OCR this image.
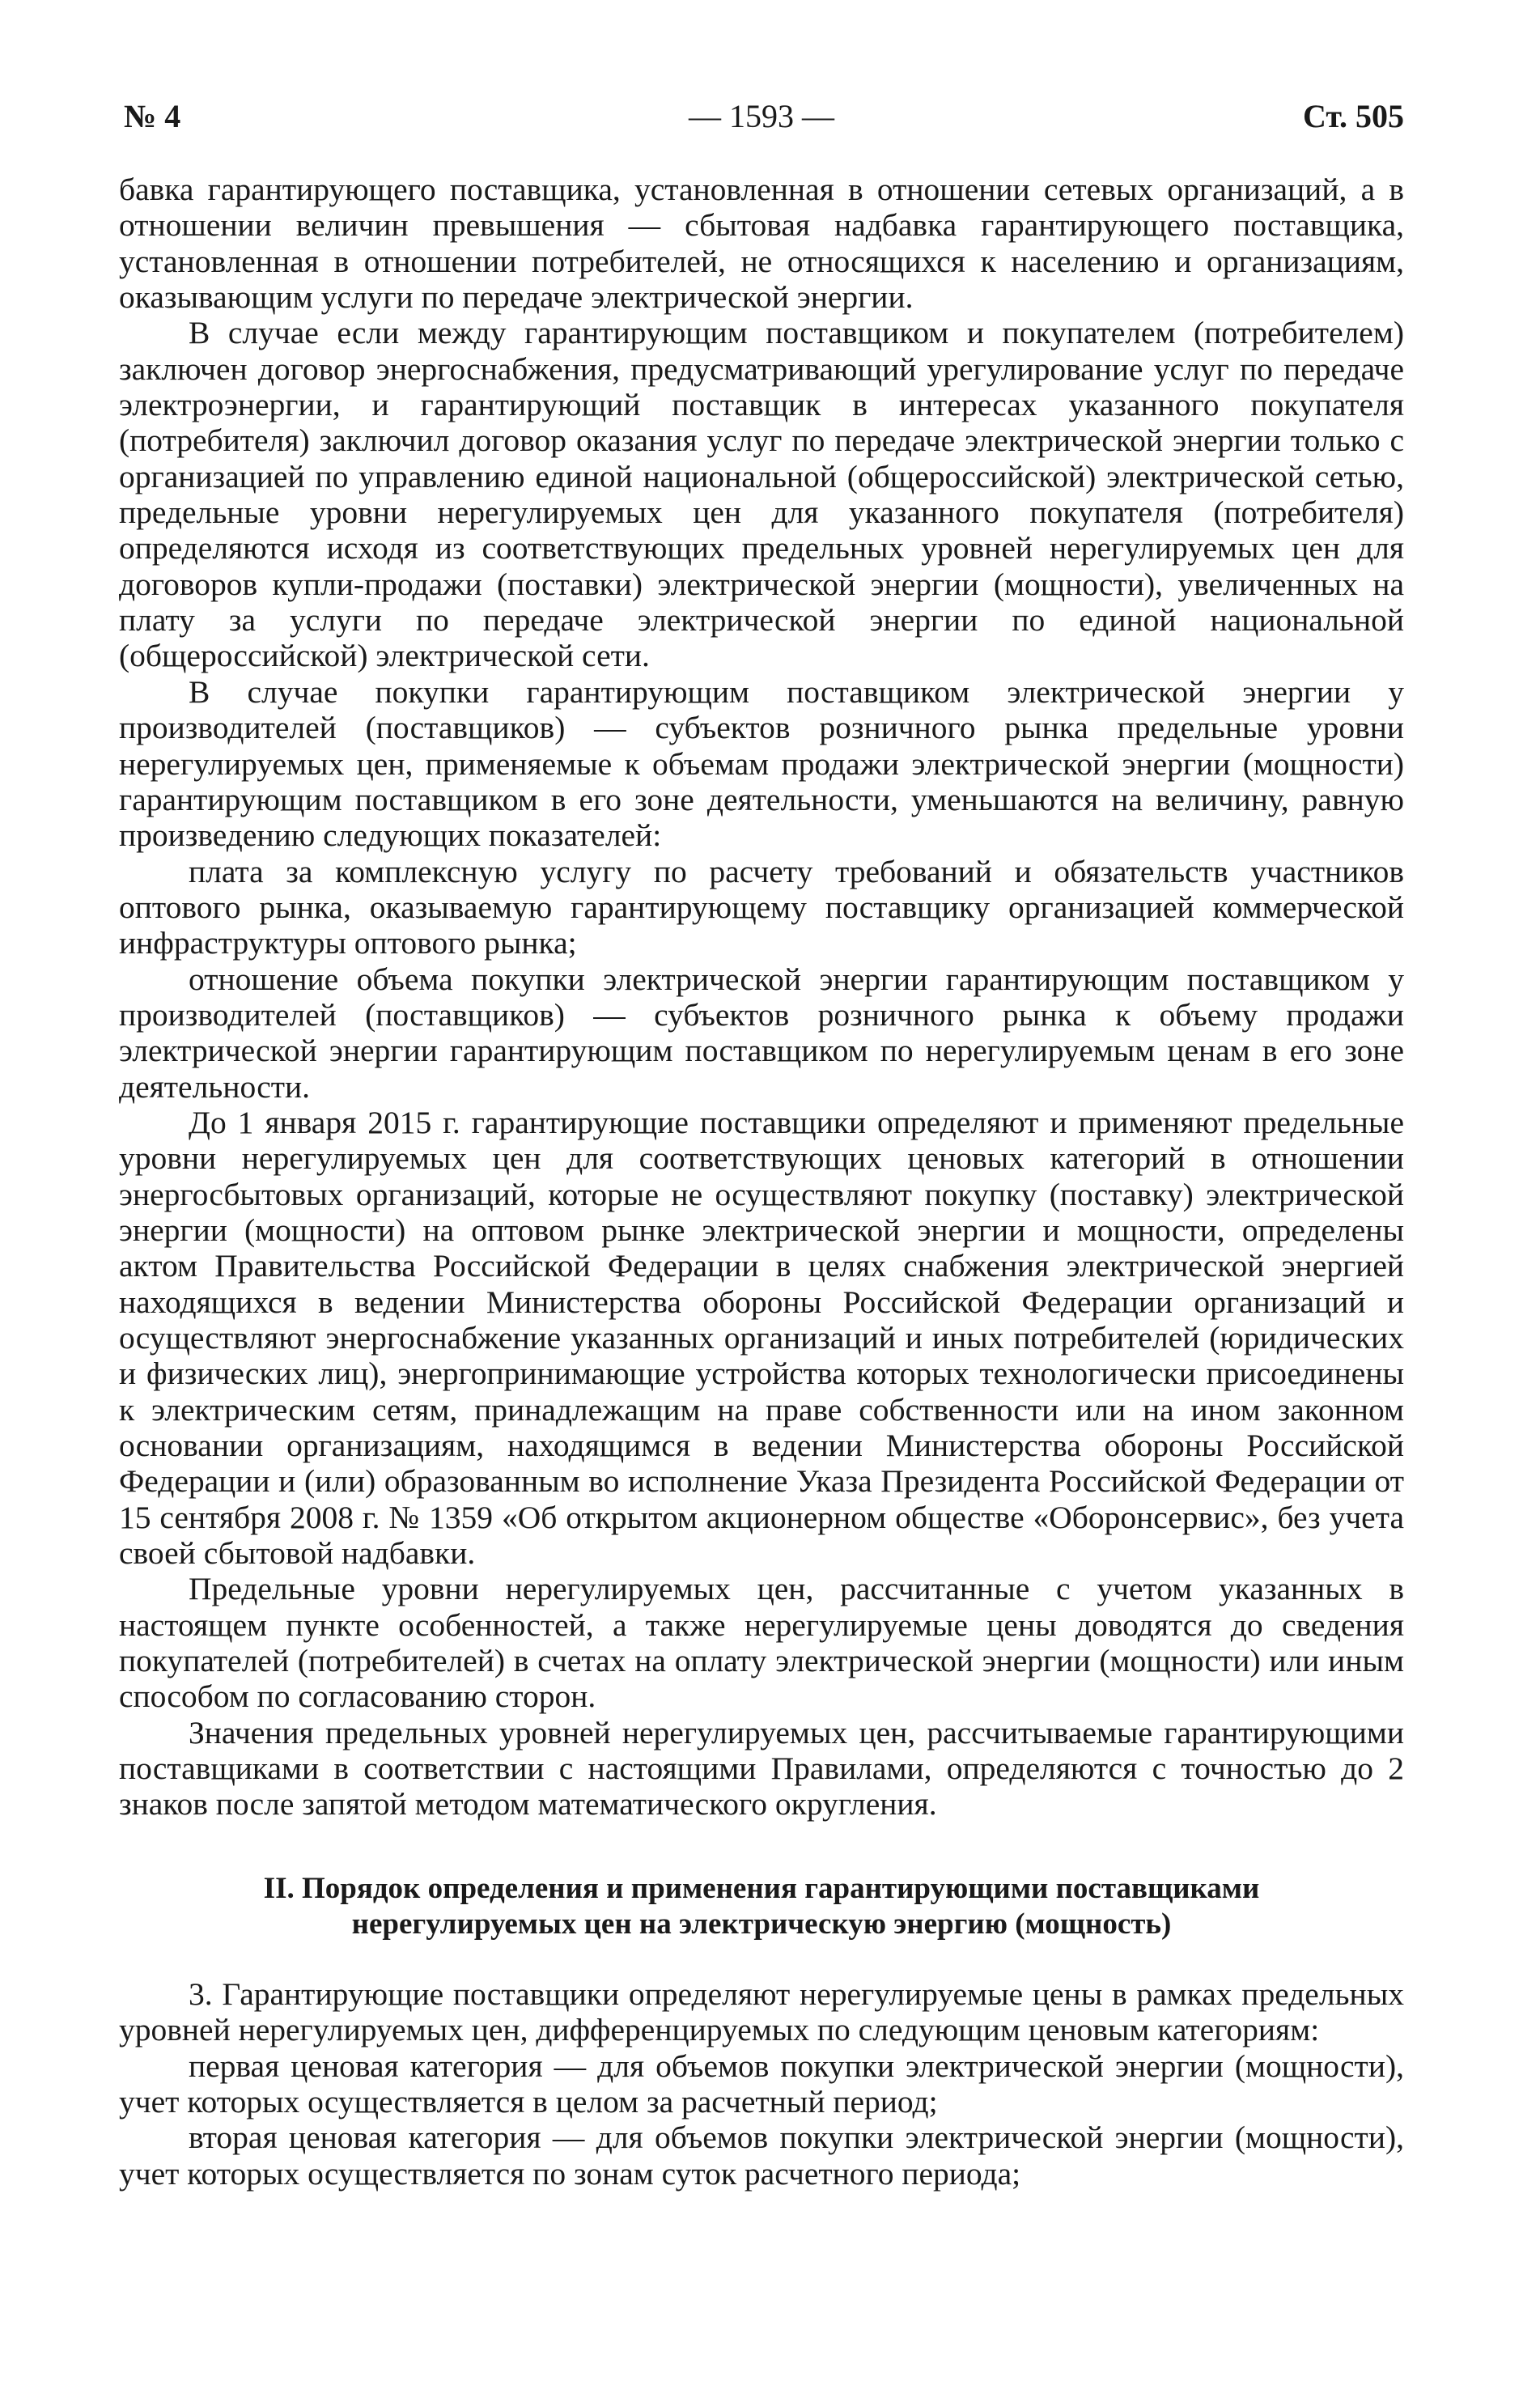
№ 4	— 1593 —	Ст. 505

бавка гарантирующего поставщика, установленная в отношении сетевых организаций, а в отношении величин превышения — сбытовая надбавка гарантирующего поставщика, установленная в отношении потребителей, не относящихся к населению и организациям, оказывающим услуги по передаче электрической энергии.

В случае если между гарантирующим поставщиком и покупателем (потребителем) заключен договор энергоснабжения, предусматривающий урегулирование услуг по передаче электроэнергии, и гарантирующий поставщик в интересах указанного покупателя (потребителя) заключил договор оказания услуг по передаче электрической энергии только с организацией по управлению единой национальной (общероссийской) электрической сетью, предельные уровни нерегулируемых цен для указанного покупателя (потребителя) определяются исходя из соответствующих предельных уровней нерегулируемых цен для договоров купли-продажи (поставки) электрической энергии (мощности), увеличенных на плату за услуги по передаче электрической энергии по единой национальной (общероссийской) электрической сети.

В случае покупки гарантирующим поставщиком электрической энергии у производителей (поставщиков) — субъектов розничного рынка предельные уровни нерегулируемых цен, применяемые к объемам продажи электрической энергии (мощности) гарантирующим поставщиком в его зоне деятельности, уменьшаются на величину, равную произведению следующих показателей:

плата за комплексную услугу по расчету требований и обязательств участников оптового рынка, оказываемую гарантирующему поставщику организацией коммерческой инфраструктуры оптового рынка;

отношение объема покупки электрической энергии гарантирующим поставщиком у производителей (поставщиков) — субъектов розничного рынка к объему продажи электрической энергии гарантирующим поставщиком по нерегулируемым ценам в его зоне деятельности.

До 1 января 2015 г. гарантирующие поставщики определяют и применяют предельные уровни нерегулируемых цен для соответствующих ценовых категорий в отношении энергосбытовых организаций, которые не осуществляют покупку (поставку) электрической энергии (мощности) на оптовом рынке электрической энергии и мощности, определены актом Правительства Российской Федерации в целях снабжения электрической энергией находящихся в ведении Министерства обороны Российской Федерации организаций и осуществляют энергоснабжение указанных организаций и иных потребителей (юридических и физических лиц), энергопринимающие устройства которых технологически присоединены к электрическим сетям, принадлежащим на праве собственности или на ином законном основании организациям, находящимся в ведении Министерства обороны Российской Федерации и (или) образованным во исполнение Указа Президента Российской Федерации от 15 сентября 2008 г. № 1359 «Об открытом акционерном обществе «Оборонсервис», без учета своей сбытовой надбавки.

Предельные уровни нерегулируемых цен, рассчитанные с учетом указанных в настоящем пункте особенностей, а также нерегулируемые цены доводятся до сведения покупателей (потребителей) в счетах на оплату электрической энергии (мощности) или иным способом по согласованию сторон.

Значения предельных уровней нерегулируемых цен, рассчитываемые гарантирующими поставщиками в соответствии с настоящими Правилами, определяются с точностью до 2 знаков после запятой методом математического округления.

II. Порядок определения и применения гарантирующими поставщиками
нерегулируемых цен на электрическую энергию (мощность)

3. Гарантирующие поставщики определяют нерегулируемые цены в рамках предельных уровней нерегулируемых цен, дифференцируемых по следующим ценовым категориям:

первая ценовая категория — для объемов покупки электрической энергии (мощности), учет которых осуществляется в целом за расчетный период;

вторая ценовая категория — для объемов покупки электрической энергии (мощности), учет которых осуществляется по зонам суток расчетного периода;
